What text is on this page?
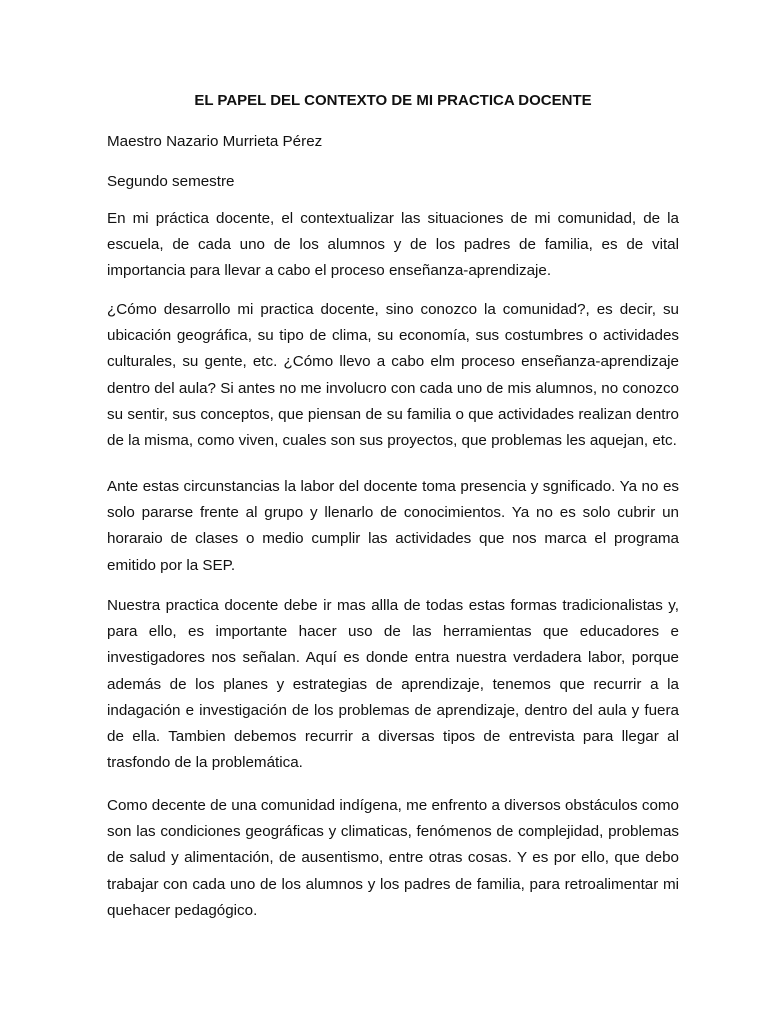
EL PAPEL DEL CONTEXTO DE MI PRACTICA DOCENTE

Maestro Nazario Murrieta Pérez

Segundo semestre

En mi práctica docente, el contextualizar las situaciones de mi comunidad, de la escuela, de cada uno de los alumnos y de los padres de familia, es de vital importancia para llevar a cabo el proceso enseñanza-aprendizaje.

¿Cómo desarrollo mi practica docente, sino conozco la comunidad?, es decir, su ubicación geográfica, su tipo de clima, su economía, sus costumbres o actividades culturales, su gente, etc. ¿Cómo llevo a cabo elm proceso enseñanza-aprendizaje dentro del aula? Si antes no me involucro con cada uno de mis alumnos, no conozco su sentir, sus conceptos, que piensan de su familia o que actividades realizan dentro de la misma, como viven, cuales son sus proyectos, que problemas les aquejan, etc.

Ante estas circunstancias la labor del docente toma presencia y sgnificado. Ya no es solo pararse frente al grupo y llenarlo de conocimientos. Ya no es solo cubrir un horaraio de clases o medio cumplir las actividades que nos marca el programa emitido por la SEP.

Nuestra practica docente debe ir mas allla de todas estas formas tradicionalistas y, para ello, es importante hacer uso de las herramientas que educadores e investigadores nos señalan. Aquí es donde entra nuestra verdadera labor, porque además de los planes y estrategias de aprendizaje, tenemos que recurrir a la indagación e investigación de los problemas de aprendizaje, dentro del aula y fuera de ella. Tambien debemos recurrir a diversas tipos de entrevista para llegar al trasfondo de la problemática.

Como decente de una comunidad indígena, me enfrento a diversos obstáculos como son las condiciones geográficas y climaticas, fenómenos de complejidad, problemas de salud y alimentación, de ausentismo, entre otras cosas. Y es por ello, que debo trabajar con cada uno de los alumnos y los padres de familia, para retroalimentar mi quehacer pedagógico.
